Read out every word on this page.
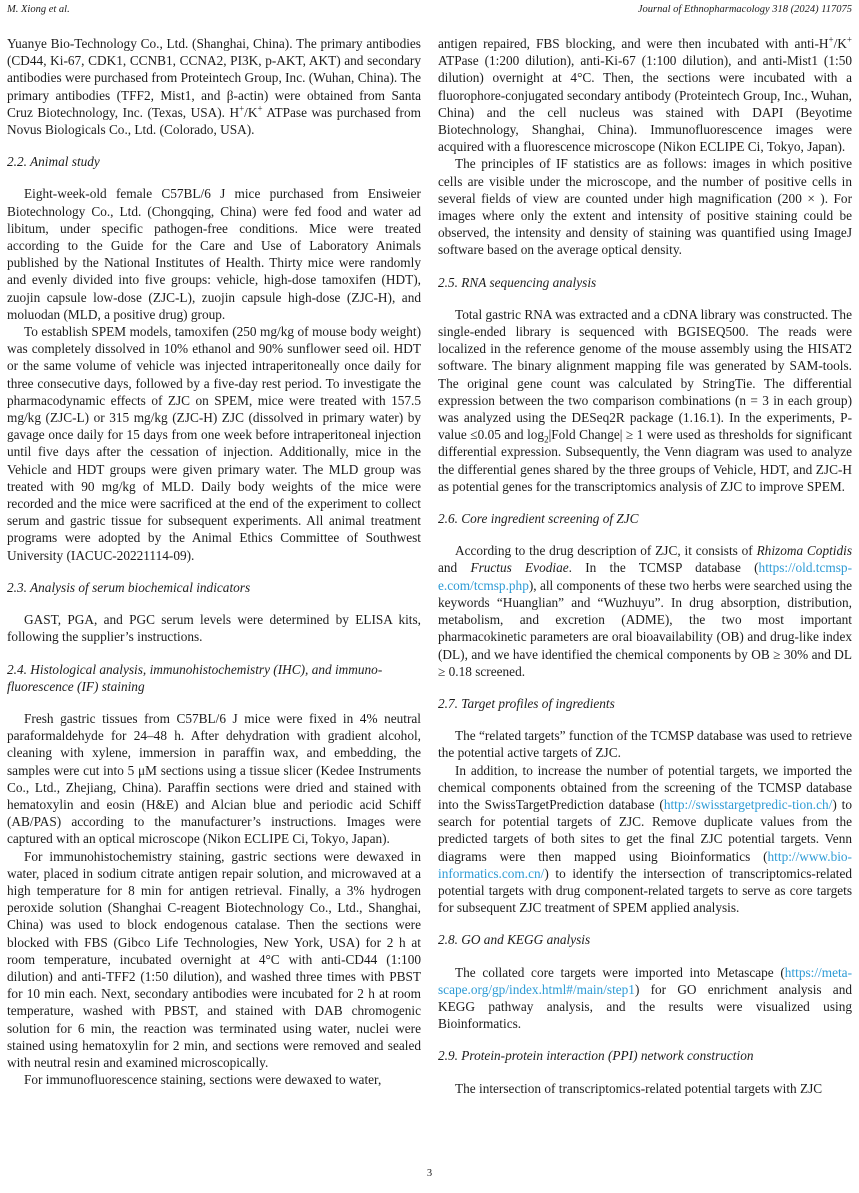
M. Xiong et al.	Journal of Ethnopharmacology 318 (2024) 117075

Yuanye Bio-Technology Co., Ltd. (Shanghai, China). The primary antibodies (CD44, Ki-67, CDK1, CCNB1, CCNA2, PI3K, p-AKT, AKT) and secondary antibodies were purchased from Proteintech Group, Inc. (Wuhan, China). The primary antibodies (TFF2, Mist1, and β-actin) were obtained from Santa Cruz Biotechnology, Inc. (Texas, USA). H+/K+ ATPase was purchased from Novus Biologicals Co., Ltd. (Colorado, USA).

2.2. Animal study

Eight-week-old female C57BL/6 J mice purchased from Ensiweier Biotechnology Co., Ltd. (Chongqing, China) were fed food and water ad libitum, under specific pathogen-free conditions. Mice were treated according to the Guide for the Care and Use of Laboratory Animals published by the National Institutes of Health. Thirty mice were randomly and evenly divided into five groups: vehicle, high-dose tamoxifen (HDT), zuojin capsule low-dose (ZJC-L), zuojin capsule high-dose (ZJC-H), and moluodan (MLD, a positive drug) group.

To establish SPEM models, tamoxifen (250 mg/kg of mouse body weight) was completely dissolved in 10% ethanol and 90% sunflower seed oil. HDT or the same volume of vehicle was injected intraperitoneally once daily for three consecutive days, followed by a five-day rest period. To investigate the pharmacodynamic effects of ZJC on SPEM, mice were treated with 157.5 mg/kg (ZJC-L) or 315 mg/kg (ZJC-H) ZJC (dissolved in primary water) by gavage once daily for 15 days from one week before intraperitoneal injection until five days after the cessation of injection. Additionally, mice in the Vehicle and HDT groups were given primary water. The MLD group was treated with 90 mg/kg of MLD. Daily body weights of the mice were recorded and the mice were sacrificed at the end of the experiment to collect serum and gastric tissue for subsequent experiments. All animal treatment programs were adopted by the Animal Ethics Committee of Southwest University (IACUC-20221114-09).

2.3. Analysis of serum biochemical indicators

GAST, PGA, and PGC serum levels were determined by ELISA kits, following the supplier’s instructions.

2.4. Histological analysis, immunohistochemistry (IHC), and immuno-fluorescence (IF) staining

Fresh gastric tissues from C57BL/6 J mice were fixed in 4% neutral paraformaldehyde for 24–48 h. After dehydration with gradient alcohol, cleaning with xylene, immersion in paraffin wax, and embedding, the samples were cut into 5 μM sections using a tissue slicer (Kedee Instruments Co., Ltd., Zhejiang, China). Paraffin sections were dried and stained with hematoxylin and eosin (H&E) and Alcian blue and periodic acid Schiff (AB/PAS) according to the manufacturer’s instructions. Images were captured with an optical microscope (Nikon ECLIPE Ci, Tokyo, Japan).

For immunohistochemistry staining, gastric sections were dewaxed in water, placed in sodium citrate antigen repair solution, and microwaved at a high temperature for 8 min for antigen retrieval. Finally, a 3% hydrogen peroxide solution (Shanghai C-reagent Biotechnology Co., Ltd., Shanghai, China) was used to block endogenous catalase. Then the sections were blocked with FBS (Gibco Life Technologies, New York, USA) for 2 h at room temperature, incubated overnight at 4°C with anti-CD44 (1:100 dilution) and anti-TFF2 (1:50 dilution), and washed three times with PBST for 10 min each. Next, secondary antibodies were incubated for 2 h at room temperature, washed with PBST, and stained with DAB chromogenic solution for 6 min, the reaction was terminated using water, nuclei were stained using hematoxylin for 2 min, and sections were removed and sealed with neutral resin and examined microscopically.

For immunofluorescence staining, sections were dewaxed to water,

antigen repaired, FBS blocking, and were then incubated with anti-H+/K+ ATPase (1:200 dilution), anti-Ki-67 (1:100 dilution), and anti-Mist1 (1:50 dilution) overnight at 4°C. Then, the sections were incubated with a fluorophore-conjugated secondary antibody (Proteintech Group, Inc., Wuhan, China) and the cell nucleus was stained with DAPI (Beyotime Biotechnology, Shanghai, China). Immunofluorescence images were acquired with a fluorescence microscope (Nikon ECLIPE Ci, Tokyo, Japan).

The principles of IF statistics are as follows: images in which positive cells are visible under the microscope, and the number of positive cells in several fields of view are counted under high magnification (200 × ). For images where only the extent and intensity of positive staining could be observed, the intensity and density of staining was quantified using ImageJ software based on the average optical density.

2.5. RNA sequencing analysis

Total gastric RNA was extracted and a cDNA library was constructed. The single-ended library is sequenced with BGISEQ500. The reads were localized in the reference genome of the mouse assembly using the HISAT2 software. The binary alignment mapping file was generated by SAM-tools. The original gene count was calculated by StringTie. The differential expression between the two comparison combinations (n = 3 in each group) was analyzed using the DESeq2R package (1.16.1). In the experiments, P-value ≤0.05 and $\log_2|Fold$ Change| ≥ 1 were used as thresholds for significant differential expression. Subsequently, the Venn diagram was used to analyze the differential genes shared by the three groups of Vehicle, HDT, and ZJC-H as potential genes for the transcriptomics analysis of ZJC to improve SPEM.

2.6. Core ingredient screening of ZJC

According to the drug description of ZJC, it consists of Rhizoma Coptidis and Fructus Evodiae. In the TCMSP database (https://old.tcmsp-e.com/tcmsp.php), all components of these two herbs were searched using the keywords “Huanglian” and “Wuzhuyu”. In drug absorption, distribution, metabolism, and excretion (ADME), the two most important pharmacokinetic parameters are oral bioavailability (OB) and drug-like index (DL), and we have identified the chemical components by OB ≥ 30% and DL ≥ 0.18 screened.

2.7. Target profiles of ingredients

The “related targets” function of the TCMSP database was used to retrieve the potential active targets of ZJC.

In addition, to increase the number of potential targets, we imported the chemical components obtained from the screening of the TCMSP database into the SwissTargetPrediction database (http://swisstargetpredic-tion.ch/) to search for potential targets of ZJC. Remove duplicate values from the predicted targets of both sites to get the final ZJC potential targets. Venn diagrams were then mapped using Bioinformatics (http://www.bio-informatics.com.cn/) to identify the intersection of transcriptomics-related potential targets with drug component-related targets to serve as core targets for subsequent ZJC treatment of SPEM applied analysis.

2.8. GO and KEGG analysis

The collated core targets were imported into Metascape (https://meta-scape.org/gp/index.html#/main/step1) for GO enrichment analysis and KEGG pathway analysis, and the results were visualized using Bioinformatics.

2.9. Protein-protein interaction (PPI) network construction

The intersection of transcriptomics-related potential targets with ZJC

3
